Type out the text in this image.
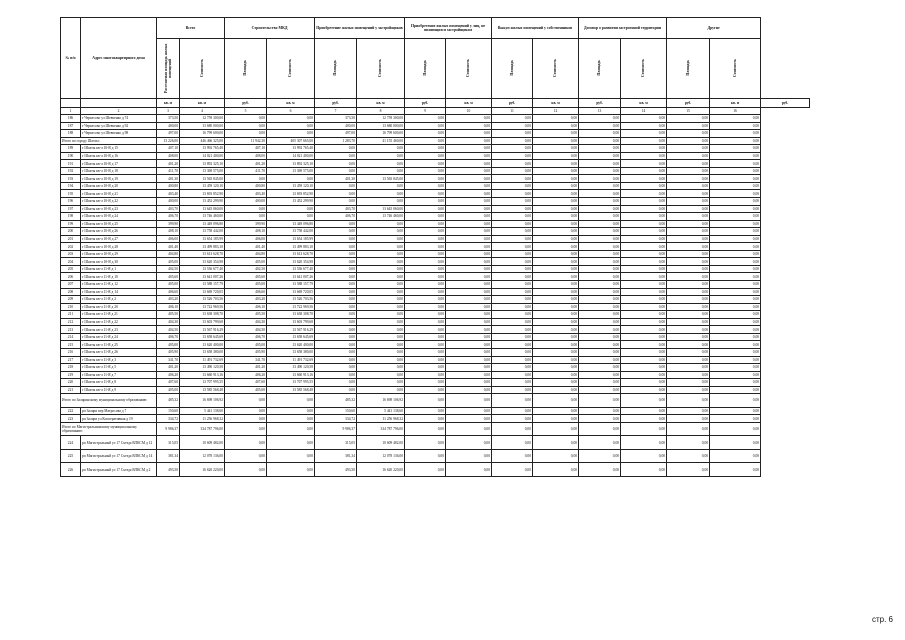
№ п/п	Адрес многоквартирного дома	Всего		Строительство МКД		Приобретение жилых помещений у застройщиков		Приобретение жилых помещений у лиц, не являющихся застройщиком		Выкуп жилых помещений у собственников		Договор о развитии застроенной территории		Другие		
		Расселяемая площадь жилых помещений	Стоимость	Площадь	Стоимость	Площадь	Стоимость	Площадь	Стоимость	Площадь	Стоимость	Площадь	Стоимость	Площадь	Стоимость	
		кв. м	кв. м	руб.	кв. м	руб.	кв. м	руб.	кв. м	руб.	кв. м	руб.	кв. м	руб.	кв. м	руб.
1	2	3	4	5	6	7	8	9	10	11	12	13	14	15	16	
186	г Черкесово ул Шевченко д 74	373,50	12 759 300,00	0,00	0,00	373,50	12 759 300,00	0,00	0,00	0,00	0,00	0,00	0,00	0,00	0,00	
187	г Черкесово ул Шевченко д 92	400,00	13 680 000,00	0,00	0,00	400,00	13 680 000,00	0,00	0,00	0,00	0,00	0,00	0,00	0,00	0,00	
188	г Черкесово ул Шевченко д 98	497,00	16 799 600,00	0,00	0,00	497,00	16 799 600,00	0,00	0,00	0,00	0,00	0,00	0,00	0,00	0,00	
Итого по городу Шахты:		13 226,00	446 466 325,00	11 942,30	405 307 665,00	1 283,70	41 155 460,00	0,00	0,00	0,00	0,00	0,00	0,00	0,00	0,00	
189	г Шахты кв-л 10-Я д 15	407,10	13 992 765,40	407,10	13 992 765,40	0,00	0,00	0,00	0,00	0,00	0,00	0,00	0,00	0,00	0,00	
190	г Шахты кв-л 10-Я д 16	408,00	14 021 400,00	408,00	14 021 400,00	0,00	0,00	0,00	0,00	0,00	0,00	0,00	0,00	0,00	0,00	
191	г Шахты кв-л 10-Я д 17	401,20	13 892 325,10	401,20	13 892 325,10	0,00	0,00	0,00	0,00	0,00	0,00	0,00	0,00	0,00	0,00	
192	г Шахты кв-л 10-Я д 18	411,70	13 369 575,00	411,70	13 369 575,00	0,00	0,00	0,00	0,00	0,00	0,00	0,00	0,00	0,00	0,00	
193	г Шахты кв-л 10-Я д 19	401,30	13 565 845,00	0,00	0,00	401,30	13 565 845,00	0,00	0,00	0,00	0,00	0,00	0,00	0,00	0,00	
194	г Шахты кв-л 10-Я д 20	400,80	13 459 120,10	400,80	13 459 120,10	0,00	0,00	0,00	0,00	0,00	0,00	0,00	0,00	0,00	0,00	
195	г Шахты кв-л 10-Я д 21	403,40	13 693 852,90	403,40	13 693 852,90	0,00	0,00	0,00	0,00	0,00	0,00	0,00	0,00	0,00	0,00	
196	г Шахты кв-л 10-Я д 22	400,00	13 452 299,90	400,00	13 452 299,90	0,00	0,00	0,00	0,00	0,00	0,00	0,00	0,00	0,00	0,00	
197	г Шахты кв-л 10-Я д 23	403,70	13 645 060,00	0,00	0,00	403,70	13 645 060,00	0,00	0,00	0,00	0,00	0,00	0,00	0,00	0,00	
198	г Шахты кв-л 10-Я д 24	406,70	13 746 460,00	0,00	0,00	406,70	13 746 460,00	0,00	0,00	0,00	0,00	0,00	0,00	0,00	0,00	
199	г Шахты кв-л 10-Я д 25	399,90	13 449 096,80	399,90	13 449 096,80	0,00	0,00	0,00	0,00	0,00	0,00	0,00	0,00	0,00	0,00	
200	г Шахты кв-л 10-Я д 26	408,10	13 758 442,00	408,10	13 758 442,00	0,00	0,00	0,00	0,00	0,00	0,00	0,00	0,00	0,00	0,00	
201	г Шахты кв-л 10-Я д 27	406,00	13 654 185,99	406,00	13 654 185,99	0,00	0,00	0,00	0,00	0,00	0,00	0,00	0,00	0,00	0,00	
202	г Шахты кв-л 10-Я д 28	401,40	13 499 883,10	401,40	13 499 883,10	0,00	0,00	0,00	0,00	0,00	0,00	0,00	0,00	0,00	0,00	
203	г Шахты кв-л 10-Я д 29	404,80	13 613 628,70	404,80	13 613 628,70	0,00	0,00	0,00	0,00	0,00	0,00	0,00	0,00	0,00	0,00	
204	г Шахты кв-л 10-Я д 30	405,00	13 620 354,98	405,00	13 620 354,98	0,00	0,00	0,00	0,00	0,00	0,00	0,00	0,00	0,00	0,00	
205	г Шахты кв-л 11-Я д 1	402,50	13 536 677,40	402,50	13 536 677,40	0,00	0,00	0,00	0,00	0,00	0,00	0,00	0,00	0,00	0,00	
206	г Шахты кв-л 11-Я д 10	405,60	13 641 007,26	405,60	13 641 007,26	0,00	0,00	0,00	0,00	0,00	0,00	0,00	0,00	0,00	0,00	
207	г Шахты кв-л 11-Я д 12	405,00	13 588 157,79	405,00	13 588 157,79	0,00	0,00	0,00	0,00	0,00	0,00	0,00	0,00	0,00	0,00	
208	г Шахты кв-л 11-Я д 14	406,60	13 669 720,05	406,60	13 669 720,05	0,00	0,00	0,00	0,00	0,00	0,00	0,00	0,00	0,00	0,00	
209	г Шахты кв-л 11-Я д 2	403,20	13 526 703,56	403,20	13 526 703,56	0,00	0,00	0,00	0,00	0,00	0,00	0,00	0,00	0,00	0,00	
210	г Шахты кв-л 11-Я д 20	406,10	13 722 969,56	406,10	13 722 969,56	0,00	0,00	0,00	0,00	0,00	0,00	0,00	0,00	0,00	0,00	
211	г Шахты кв-л 11-Я д 21	405,50	13 638 308,70	405,50	13 638 308,70	0,00	0,00	0,00	0,00	0,00	0,00	0,00	0,00	0,00	0,00	
212	г Шахты кв-л 11-Я д 22	404,30	13 603 799,68	404,30	13 603 799,68	0,00	0,00	0,00	0,00	0,00	0,00	0,00	0,00	0,00	0,00	
213	г Шахты кв-л 11-Я д 23	404,50	13 567 916,29	404,50	13 567 916,29	0,00	0,00	0,00	0,00	0,00	0,00	0,00	0,00	0,00	0,00	
214	г Шахты кв-л 11-Я д 24	406,70	13 658 645,69	406,70	13 658 645,69	0,00	0,00	0,00	0,00	0,00	0,00	0,00	0,00	0,00	0,00	
215	г Шахты кв-л 11-Я д 25	405,00	13 620 400,00	405,00	13 620 400,00	0,00	0,00	0,00	0,00	0,00	0,00	0,00	0,00	0,00	0,00	
216	г Шахты кв-л 11-Я д 26	405,90	13 658 380,00	405,90	13 658 380,00	0,00	0,00	0,00	0,00	0,00	0,00	0,00	0,00	0,00	0,00	
217	г Шахты кв-л 11-Я д 3	341,70	11 491 732,69	341,70	11 491 732,69	0,00	0,00	0,00	0,00	0,00	0,00	0,00	0,00	0,00	0,00	
218	г Шахты кв-л 11-Я д 5	401,20	13 490 120,58	401,20	13 490 120,58	0,00	0,00	0,00	0,00	0,00	0,00	0,00	0,00	0,00	0,00	
219	г Шахты кв-л 11-Я д 7	406,20	13 660 913,16	406,20	13 660 913,16	0,00	0,00	0,00	0,00	0,00	0,00	0,00	0,00	0,00	0,00	
220	г Шахты кв-л 11-Я д 8	407,60	13 707 995,55	407,60	13 707 995,55	0,00	0,00	0,00	0,00	0,00	0,00	0,00	0,00	0,00	0,00	
221	г Шахты кв-л 11-Я д 9	405,00	13 585 568,48	405,00	13 585 568,48	0,00	0,00	0,00	0,00	0,00	0,00	0,00	0,00	0,00	0,00	
Итого по Заларинскому муниципальному образованию:		485,32	16 698 106,92	0,00	0,00	485,32	16 698 106,92	0,00	0,00	0,00	0,00	0,00	0,00	0,00	0,00	
222	рп Залари пер Матросова д 7	150,60	5 441 138,60	0,00	0,00	150,60	5 441 138,60	0,00	0,00	0,00	0,00	0,00	0,00	0,00	0,00	
223	рп Залари ул Кооперативная д 19	334,72	11 256 968,32	0,00	0,00	334,72	11 256 968,32	0,00	0,00	0,00	0,00	0,00	0,00	0,00	0,00	
Итого по Магистральнинскому муниципальному образованию:		9 986,37	334 787 796,00	0,00	0,00	9 986,37	334 787 796,00	0,00	0,00	0,00	0,00	0,00	0,00	0,00	0,00	
224	рп Магистральный ул 17 Съезда ВЛКСМ д 12	315,05	10 609 482,00	0,00	0,00	315,05	10 609 482,00	0,00	0,00	0,00	0,00	0,00	0,00	0,00	0,00	
225	рп Магистральный ул 17 Съезда ВЛКСМ д 14	381,34	12 078 136,00	0,00	0,00	381,34	12 078 136,00	0,00	0,00	0,00	0,00	0,00	0,00	0,00	0,00	
226	рп Магистральный ул 17 Съезда ВЛКСМ д 2	493,50	16 620 220,00	0,00	0,00	493,50	16 620 220,00	0,00	0,00	0,00	0,00	0,00	0,00	0,00	0,00	
стр. 6
